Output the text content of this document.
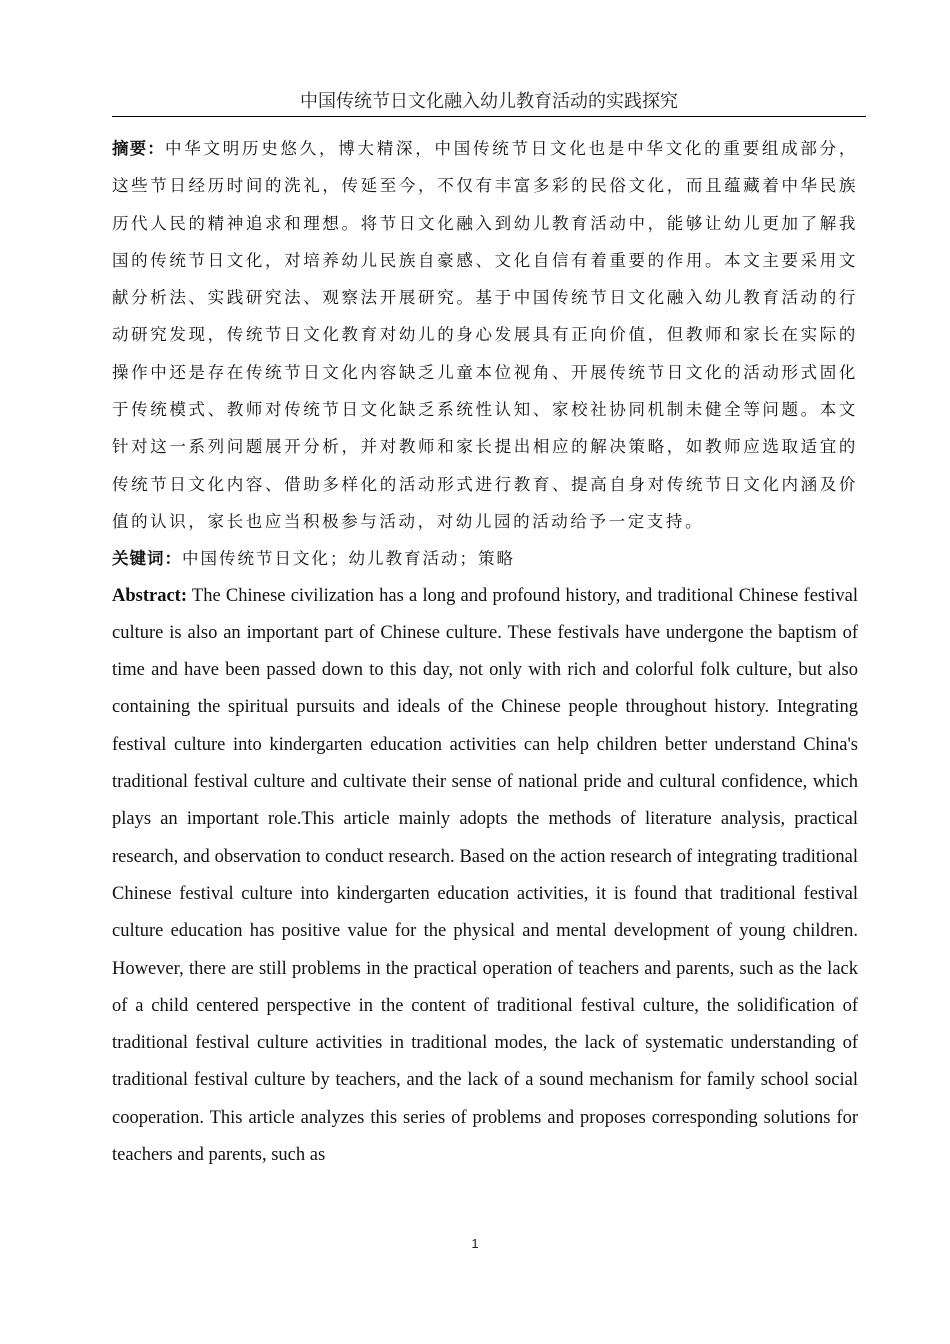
中国传统节日文化融入幼儿教育活动的实践探究

摘要：中华文明历史悠久，博大精深，中国传统节日文化也是中华文化的重要组成部分，这些节日经历时间的洗礼，传延至今，不仅有丰富多彩的民俗文化，而且蕴藏着中华民族历代人民的精神追求和理想。将节日文化融入到幼儿教育活动中，能够让幼儿更加了解我国的传统节日文化，对培养幼儿民族自豪感、文化自信有着重要的作用。本文主要采用文献分析法、实践研究法、观察法开展研究。基于中国传统节日文化融入幼儿教育活动的行动研究发现，传统节日文化教育对幼儿的身心发展具有正向价值，但教师和家长在实际的操作中还是存在传统节日文化内容缺乏儿童本位视角、开展传统节日文化的活动形式固化于传统模式、教师对传统节日文化缺乏系统性认知、家校社协同机制未健全等问题。本文针对这一系列问题展开分析，并对教师和家长提出相应的解决策略，如教师应选取适宜的传统节日文化内容、借助多样化的活动形式进行教育、提高自身对传统节日文化内涵及价值的认识，家长也应当积极参与活动，对幼儿园的活动给予一定支持。

关键词：中国传统节日文化；幼儿教育活动；策略

Abstract: The Chinese civilization has a long and profound history, and traditional Chinese festival culture is also an important part of Chinese culture. These festivals have undergone the baptism of time and have been passed down to this day, not only with rich and colorful folk culture, but also containing the spiritual pursuits and ideals of the Chinese people throughout history. Integrating festival culture into kindergarten education activities can help children better understand China's traditional festival culture and cultivate their sense of national pride and cultural confidence, which plays an important role.This article mainly adopts the methods of literature analysis, practical research, and observation to conduct research. Based on the action research of integrating traditional Chinese festival culture into kindergarten education activities, it is found that traditional festival culture education has positive value for the physical and mental development of young children. However, there are still problems in the practical operation of teachers and parents, such as the lack of a child centered perspective in the content of traditional festival culture, the solidification of traditional festival culture activities in traditional modes, the lack of systematic understanding of traditional festival culture by teachers, and the lack of a sound mechanism for family school social cooperation. This article analyzes this series of problems and proposes corresponding solutions for teachers and parents, such as

1
